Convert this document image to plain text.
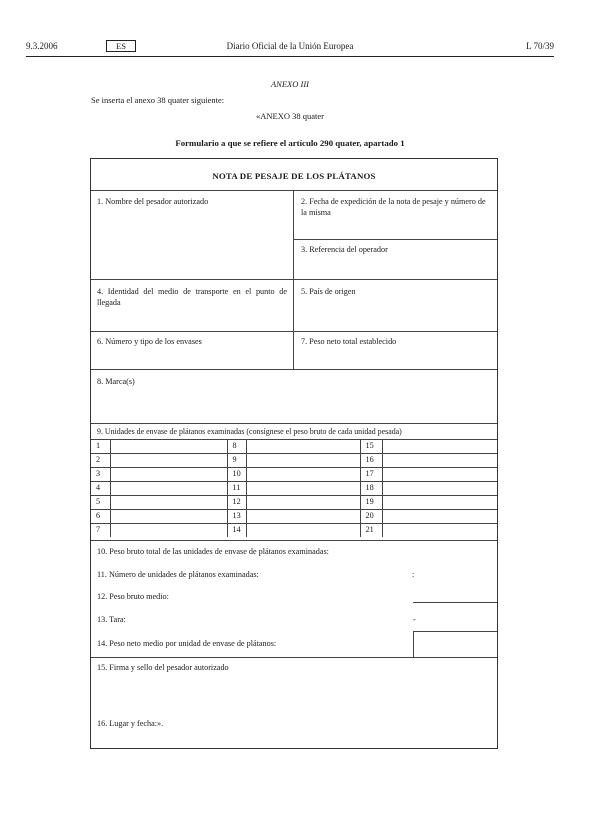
9.3.2006	ES	Diario Oficial de la Unión Europea	L 70/39
ANEXO III
Se inserta el anexo 38 quater siguiente:
«ANEXO 38 quater
Formulario a que se refiere el artículo 290 quater, apartado 1
NOTA DE PESAJE DE LOS PLÁTANOS
1. Nombre del pesador autorizado	2. Fecha de expedición de la nota de pesaje y número de la misma
3. Referencia del operador
4. Identidad del medio de transporte en el punto de llegada
5. País de origen
6. Número y tipo de los envases	7. Peso neto total establecido
8. Marca(s)
9. Unidades de envase de plátanos examinadas (consígnese el peso bruto de cada unidad pesada)
1		8		15	
2		9		16	
3		10		17	
4		11		18	
5		12		19	
6		13		20	
7		14		21	
10. Peso bruto total de las unidades de envase de plátanos examinadas:
11. Número de unidades de plátanos examinadas:	:
12. Peso bruto medio:
13. Tara:	-
14. Peso neto medio por unidad de envase de plátanos:
15. Firma y sello del pesador autorizado
16. Lugar y fecha:».
